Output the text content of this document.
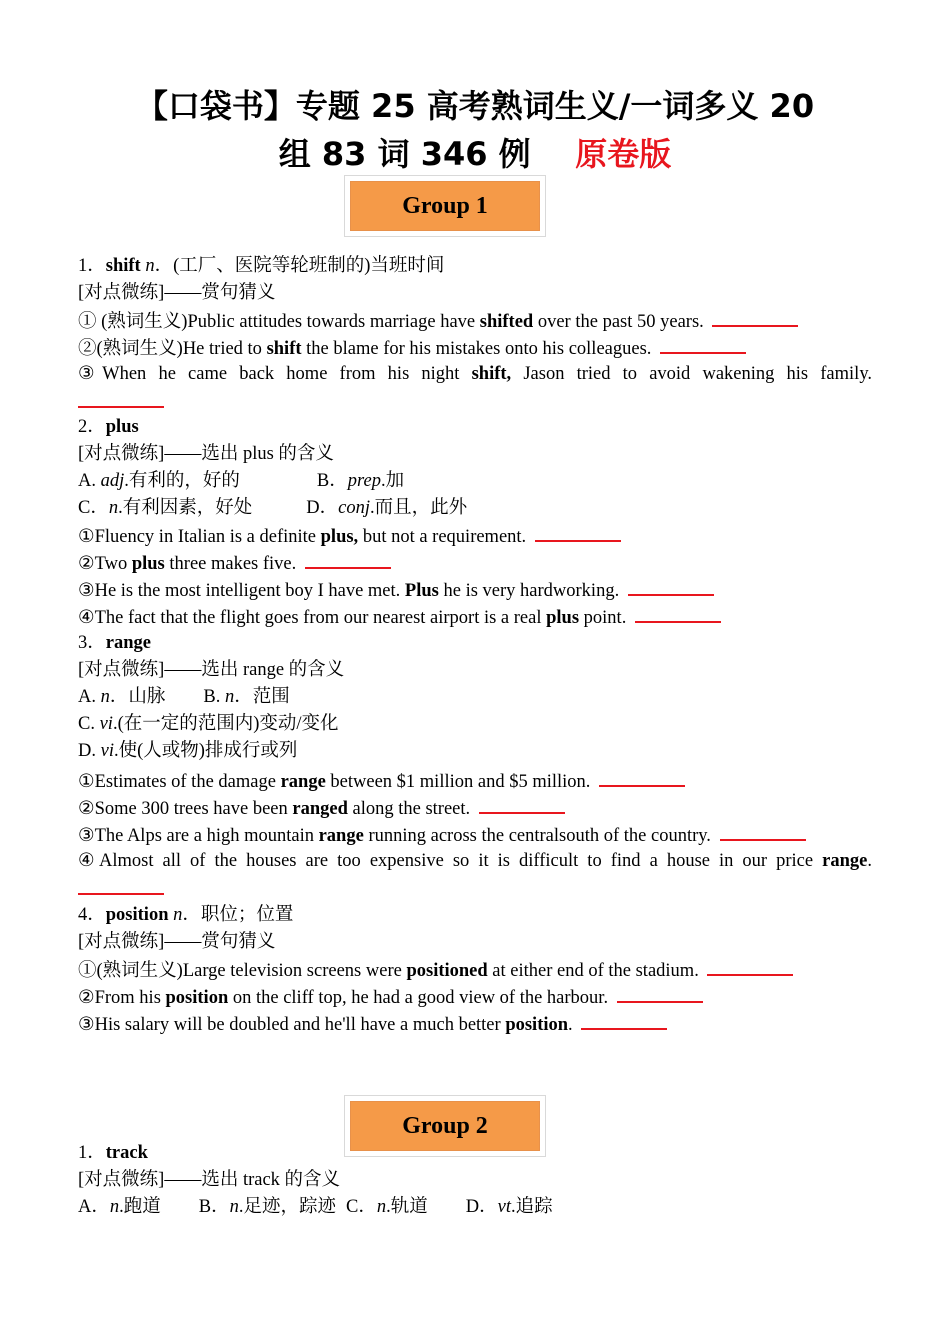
【口袋书】专题 25 高考熟词生义/一词多义 20
组 83 词 346 例 原卷版
Group 1
1．shift n．(工厂、医院等轮班制的)当班时间
[对点微练]——赏句猜义
① (熟词生义)Public attitudes towards marriage have shifted over the past 50 years.
②(熟词生义)He tried to shift the blame for his mistakes onto his colleagues.
③When he came back home from his night shift, Jason tried to avoid wakening his family.
2．plus
[对点微练]——选出 plus 的含义
A. adj.有利的，好的	B．prep.加
C．n.有利因素，好处	D．conj.而且，此外
①Fluency in Italian is a definite plus, but not a requirement.
②Two plus three makes five.
③He is the most intelligent boy I have met. Plus he is very hardworking.
④The fact that the flight goes from our nearest airport is a real plus point.
3．range
[对点微练]——选出 range 的含义
A. n．山脉 B. n．范围
C. vi.(在一定的范围内)变动/变化
D. vi.使(人或物)排成行或列
①Estimates of the damage range between $1 million and $5 million.
②Some 300 trees have been ranged along the street.
③The Alps are a high mountain range running across the centralsouth of the country.
④Almost all of the houses are too expensive so it is difficult to find a house in our price range.
4．position n．职位；位置
[对点微练]——赏句猜义
①(熟词生义)Large television screens were positioned at either end of the stadium.
②From his position on the cliff top, he had a good view of the harbour.
③His salary will be doubled and he'll have a much better position.
Group 2
1．track
[对点微练]——选出 track 的含义
A．n.跑道 B．n.足迹，踪迹 C．n.轨道 D．vt.追踪
